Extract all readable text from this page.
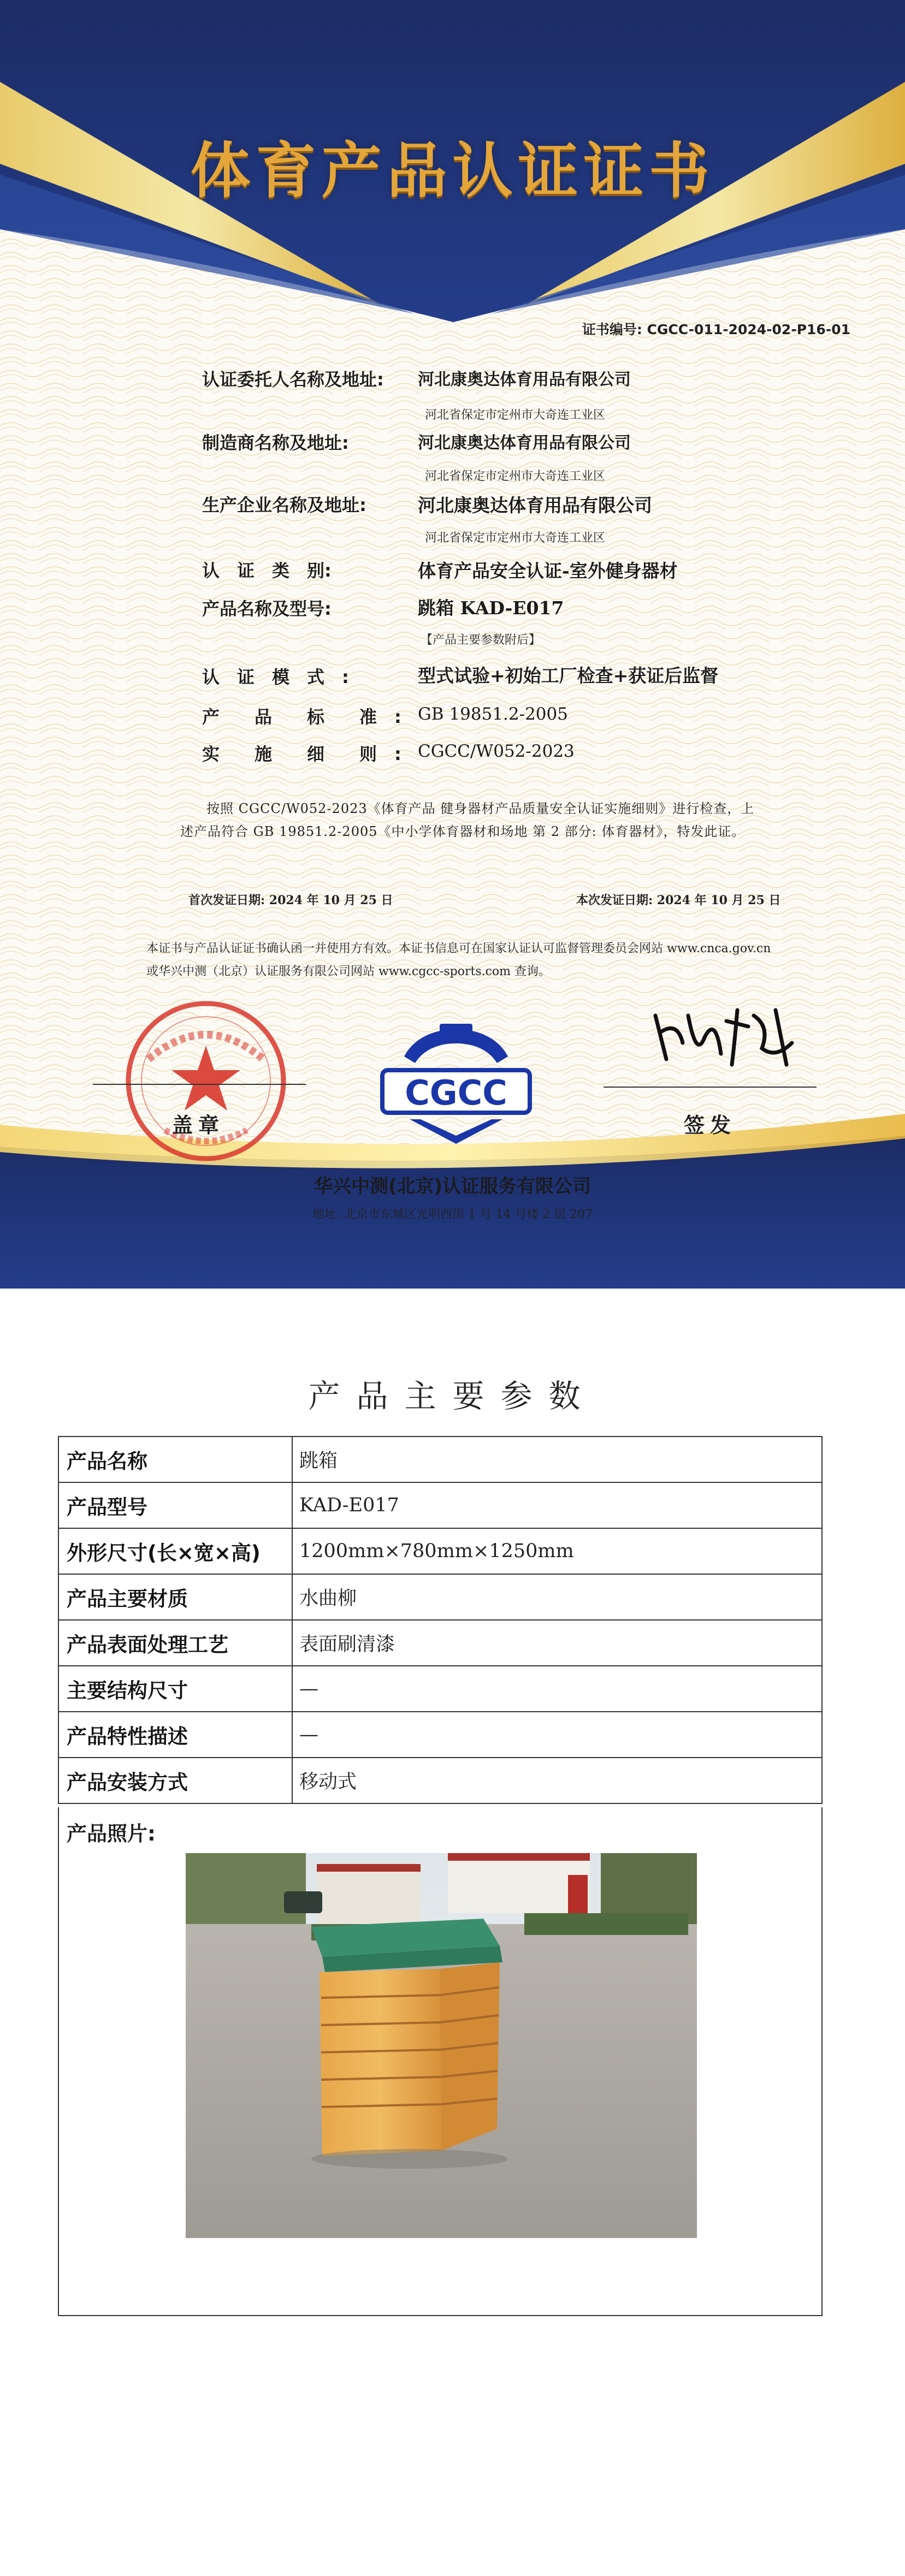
体育产品认证证书
证书编号: CGCC-011-2024-02-P16-01
认证委托人名称及地址: 河北康奥达体育用品有限公司
河北省保定市定州市大奇连工业区
制造商名称及地址:	河北康奥达体育用品有限公司
河北省保定市定州市大奇连工业区
生产企业名称及地址:	河北康奥达体育用品有限公司
河北省保定市定州市大奇连工业区
认　证　类　别:	体育产品安全认证-室外健身器材
产品名称及型号:	跳箱 KAD-E017
【产品主要参数附后】
认　证　模　式　:	型式试验+初始工厂检查+获证后监督
产　　品　　标　　准　: GB 19851.2-2005
实　　施　　细　　则　: CGCC/W052-2023
按照 CGCC/W052-2023《体育产品 健身器材产品质量安全认证实施细则》进行检查，上述产品符合 GB 19851.2-2005《中小学体育器材和场地 第 2 部分: 体育器材》，特发此证。
首次发证日期: 2024 年 10 月 25 日	本次发证日期: 2024 年 10 月 25 日
本证书与产品认证证书确认函一并使用方有效。本证书信息可在国家认证认可监督管理委员会网站 www.cnca.gov.cn 或华兴中测（北京）认证服务有限公司网站 www.cgcc-sports.com 查询。
盖章
CGCC
签发
华兴中测(北京)认证服务有限公司
地址: 北京市东城区光明西街 1 号 14 号楼 2 层 207
产品主要参数
产品名称	跳箱
产品型号	KAD-E017
外形尺寸(长×宽×高)	1200mm×780mm×1250mm
产品主要材质	水曲柳
产品表面处理工艺	表面刷清漆
主要结构尺寸	—
产品特性描述	—
产品安装方式	移动式
产品照片:
